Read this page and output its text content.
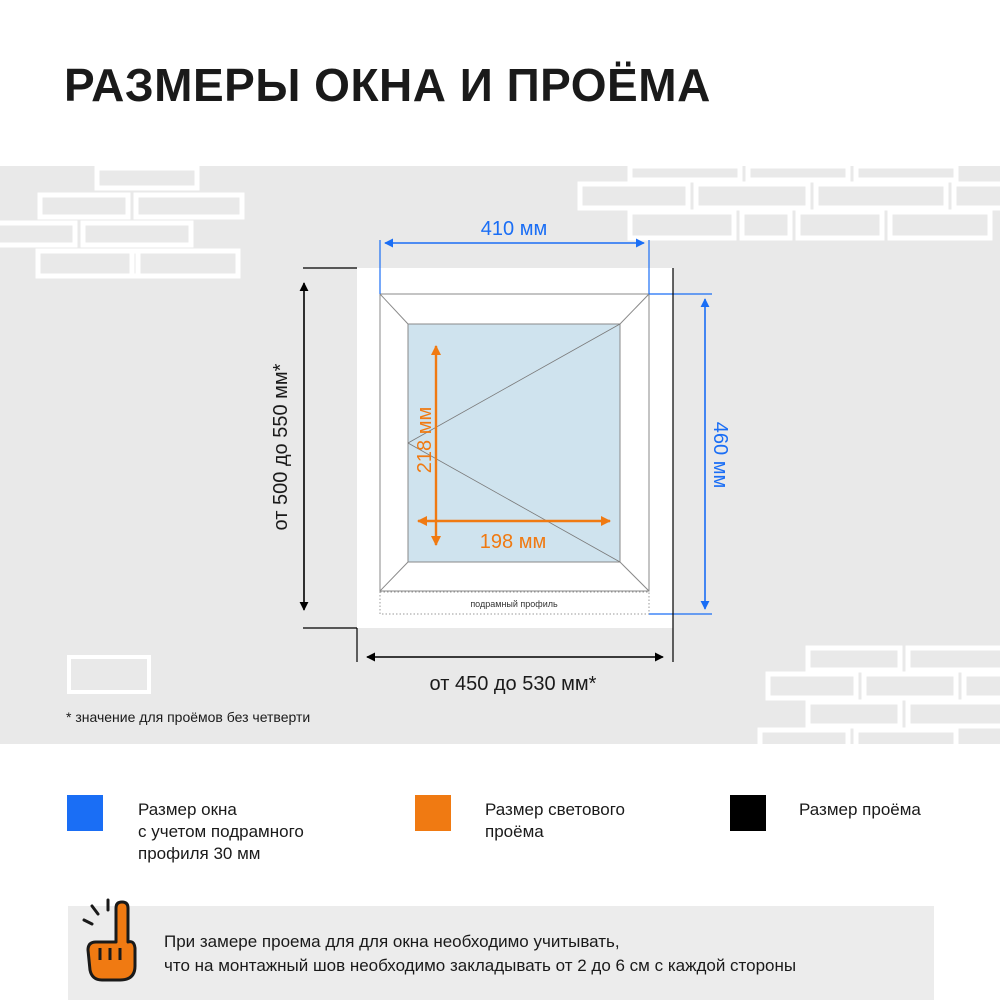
РАЗМЕРЫ ОКНА И ПРОЁМА
подрамный профиль
410 мм
460 мм
от 500 до 550 мм*
от 450 до 530 мм*
218 мм
198 мм
* значение для проёмов без четверти
Размер окна
с учетом подрамного
профиля 30 мм
Размер светового
проёма
Размер проёма
При замере проема для для окна необходимо учитывать,
что на монтажный шов необходимо закладывать от 2 до 6 см с каждой стороны
